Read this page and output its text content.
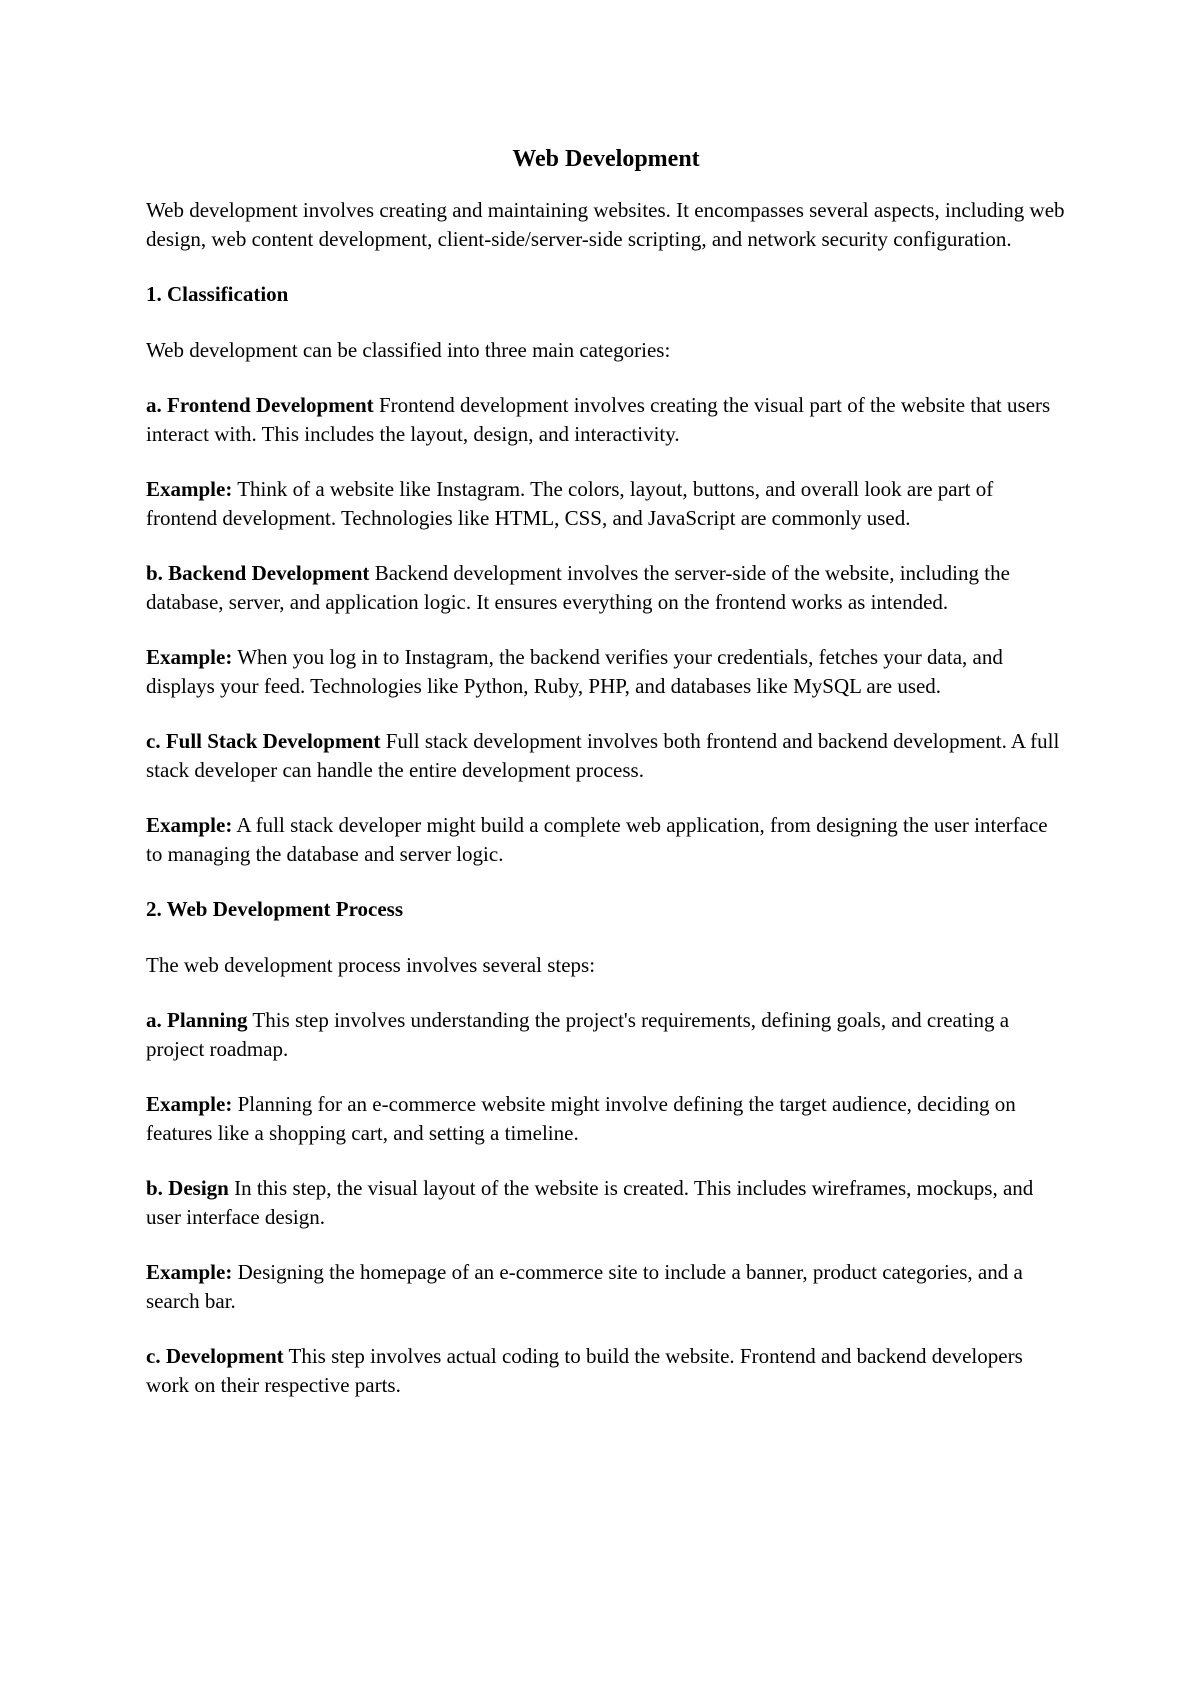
Web Development

Web development involves creating and maintaining websites. It encompasses several aspects, including web design, web content development, client-side/server-side scripting, and network security configuration.

1. Classification

Web development can be classified into three main categories:

a. Frontend Development Frontend development involves creating the visual part of the website that users interact with. This includes the layout, design, and interactivity.

Example: Think of a website like Instagram. The colors, layout, buttons, and overall look are part of frontend development. Technologies like HTML, CSS, and JavaScript are commonly used.

b. Backend Development Backend development involves the server-side of the website, including the database, server, and application logic. It ensures everything on the frontend works as intended.

Example: When you log in to Instagram, the backend verifies your credentials, fetches your data, and displays your feed. Technologies like Python, Ruby, PHP, and databases like MySQL are used.

c. Full Stack Development Full stack development involves both frontend and backend development. A full stack developer can handle the entire development process.

Example: A full stack developer might build a complete web application, from designing the user interface to managing the database and server logic.

2. Web Development Process

The web development process involves several steps:

a. Planning This step involves understanding the project's requirements, defining goals, and creating a project roadmap.

Example: Planning for an e-commerce website might involve defining the target audience, deciding on features like a shopping cart, and setting a timeline.

b. Design In this step, the visual layout of the website is created. This includes wireframes, mockups, and user interface design.

Example: Designing the homepage of an e-commerce site to include a banner, product categories, and a search bar.

c. Development This step involves actual coding to build the website. Frontend and backend developers work on their respective parts.
